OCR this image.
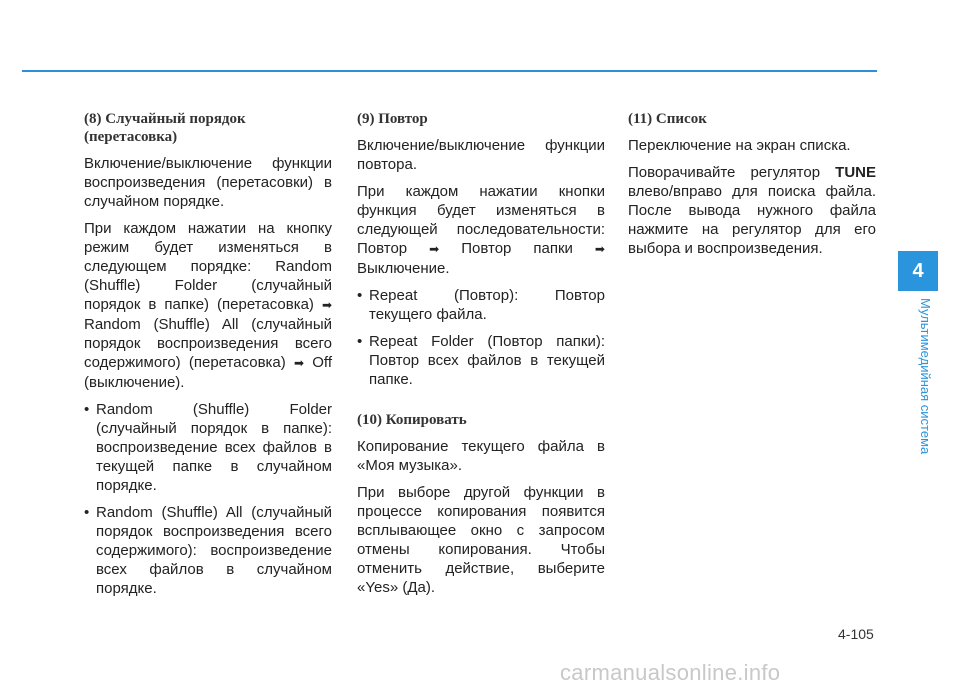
(8) Случайный порядок (перетасовка)

Включение/выключение функции воспроизведения (перетасовки) в случайном порядке.

При каждом нажатии на кнопку режим будет изменяться в следующем порядке: Random (Shuffle) Folder (случайный порядок в папке) (перетасовка) ➡ Random (Shuffle) All (случайный порядок воспроизведения всего содержимого) (перетасовка) ➡ Off (выключение).

• Random (Shuffle) Folder (случайный порядок в папке): воспроизведение всех файлов в текущей папке в случайном порядке.
• Random (Shuffle) All (случайный порядок воспроизведения всего содержимого): воспроизведение всех файлов в случайном порядке.
(9) Повтор

Включение/выключение функции повтора.

При каждом нажатии кнопки функция будет изменяться в следующей последовательности: Повтор ➡ Повтор папки ➡ Выключение.

• Repeat (Повтор): Повтор текущего файла.
• Repeat Folder (Повтор папки): Повтор всех файлов в текущей папке.
(10) Копировать

Копирование текущего файла в «Моя музыка».

При выборе другой функции в процессе копирования появится всплывающее окно с запросом отмены копирования. Чтобы отменить действие, выберите «Yes» (Да).

(11) Список

Переключение на экран списка.

Поворачивайте регулятор TUNE влево/вправо для поиска файла. После вывода нужного файла нажмите на регулятор для его выбора и воспроизведения.

4
Мультимедийная система
4-105
carmanualsonline.info
